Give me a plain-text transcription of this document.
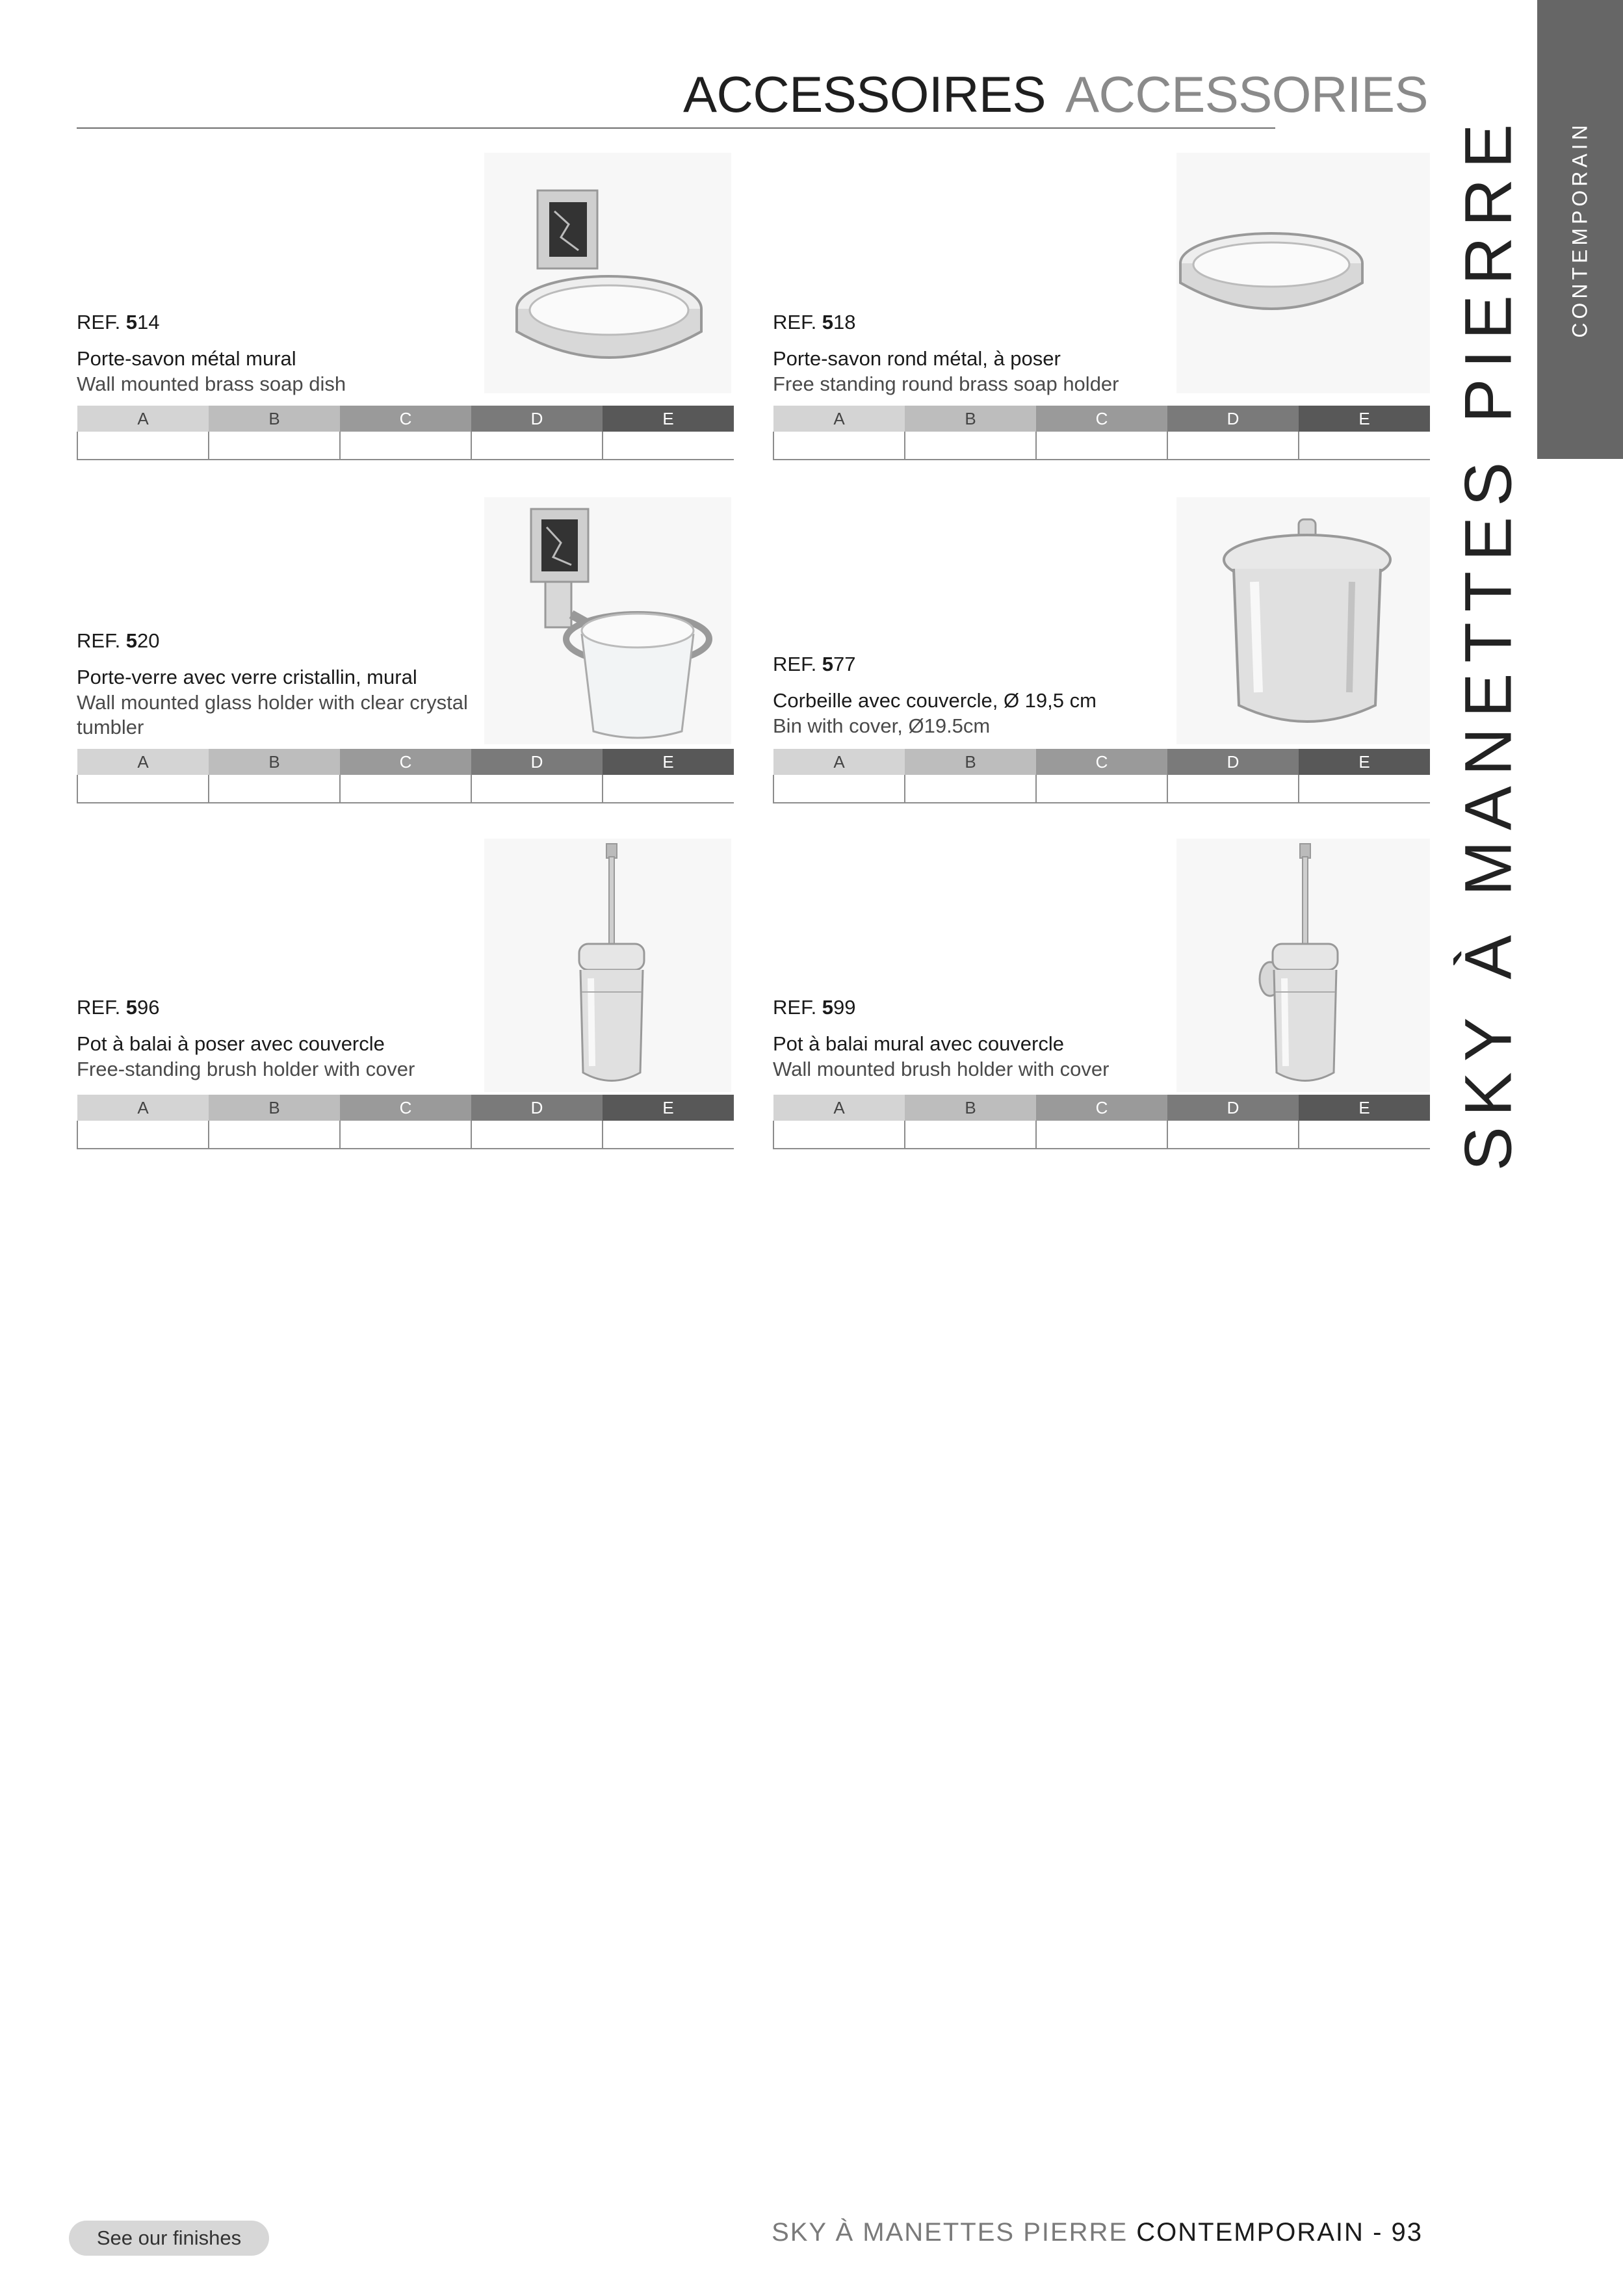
ACCESSOIRES ACCESSORIES
CONTEMPORAIN
SKY À MANETTES PIERRE
REF. 514
Porte-savon métal mural
Wall mounted brass soap dish
A	B	C	D	E

REF. 518
Porte-savon rond métal, à poser
Free standing round brass soap holder
A	B	C	D	E

REF. 520
Porte-verre avec verre cristallin, mural
Wall mounted glass holder with clear crystal tumbler
A	B	C	D	E

REF. 577
Corbeille avec couvercle, Ø 19,5 cm
Bin with cover, Ø19.5cm
A	B	C	D	E

REF. 596
Pot à balai à poser avec couvercle
Free-standing brush holder with cover
A	B	C	D	E

REF. 599
Pot à balai mural avec couvercle
Wall mounted brush holder with cover
A	B	C	D	E

See our finishes	SKY À MANETTES PIERRE CONTEMPORAIN - 93
